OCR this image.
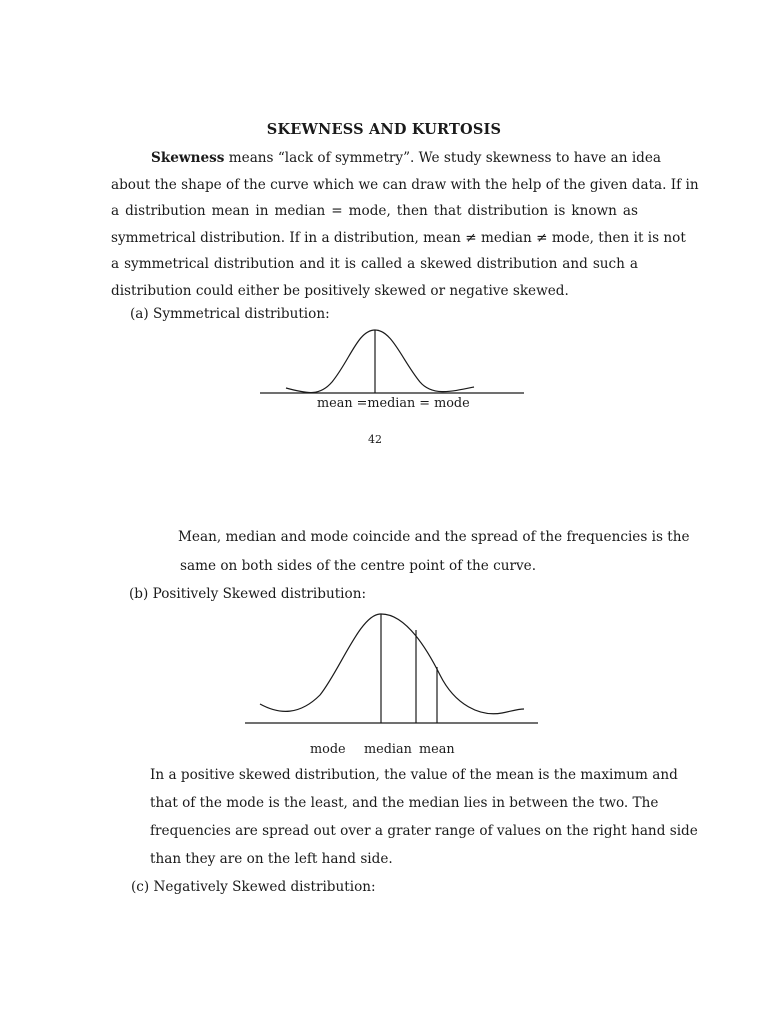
SKEWNESS AND KURTOSIS
Skewness means “lack of symmetry”. We study skewness to have an idea
about the shape of the curve which we can draw with the help of the given data. If in
a distribution mean in median = mode, then that distribution is known as
symmetrical distribution. If in a distribution, mean ≠ median ≠ mode, then it is not
a symmetrical distribution and it is called a skewed distribution and such a
distribution could either be positively skewed or negative skewed.
(a) Symmetrical distribution:
mean =median = mode
42
Mean, median and mode coincide and the spread of the frequencies is the
same on both sides of the centre point of the curve.
(b) Positively Skewed distribution:
mode median mean
In a positive skewed distribution, the value of the mean is the maximum and
that of the mode is the least, and the median lies in between the two. The
frequencies are spread out over a grater range of values on the right hand side
than they are on the left hand side.
(c) Negatively Skewed distribution:
